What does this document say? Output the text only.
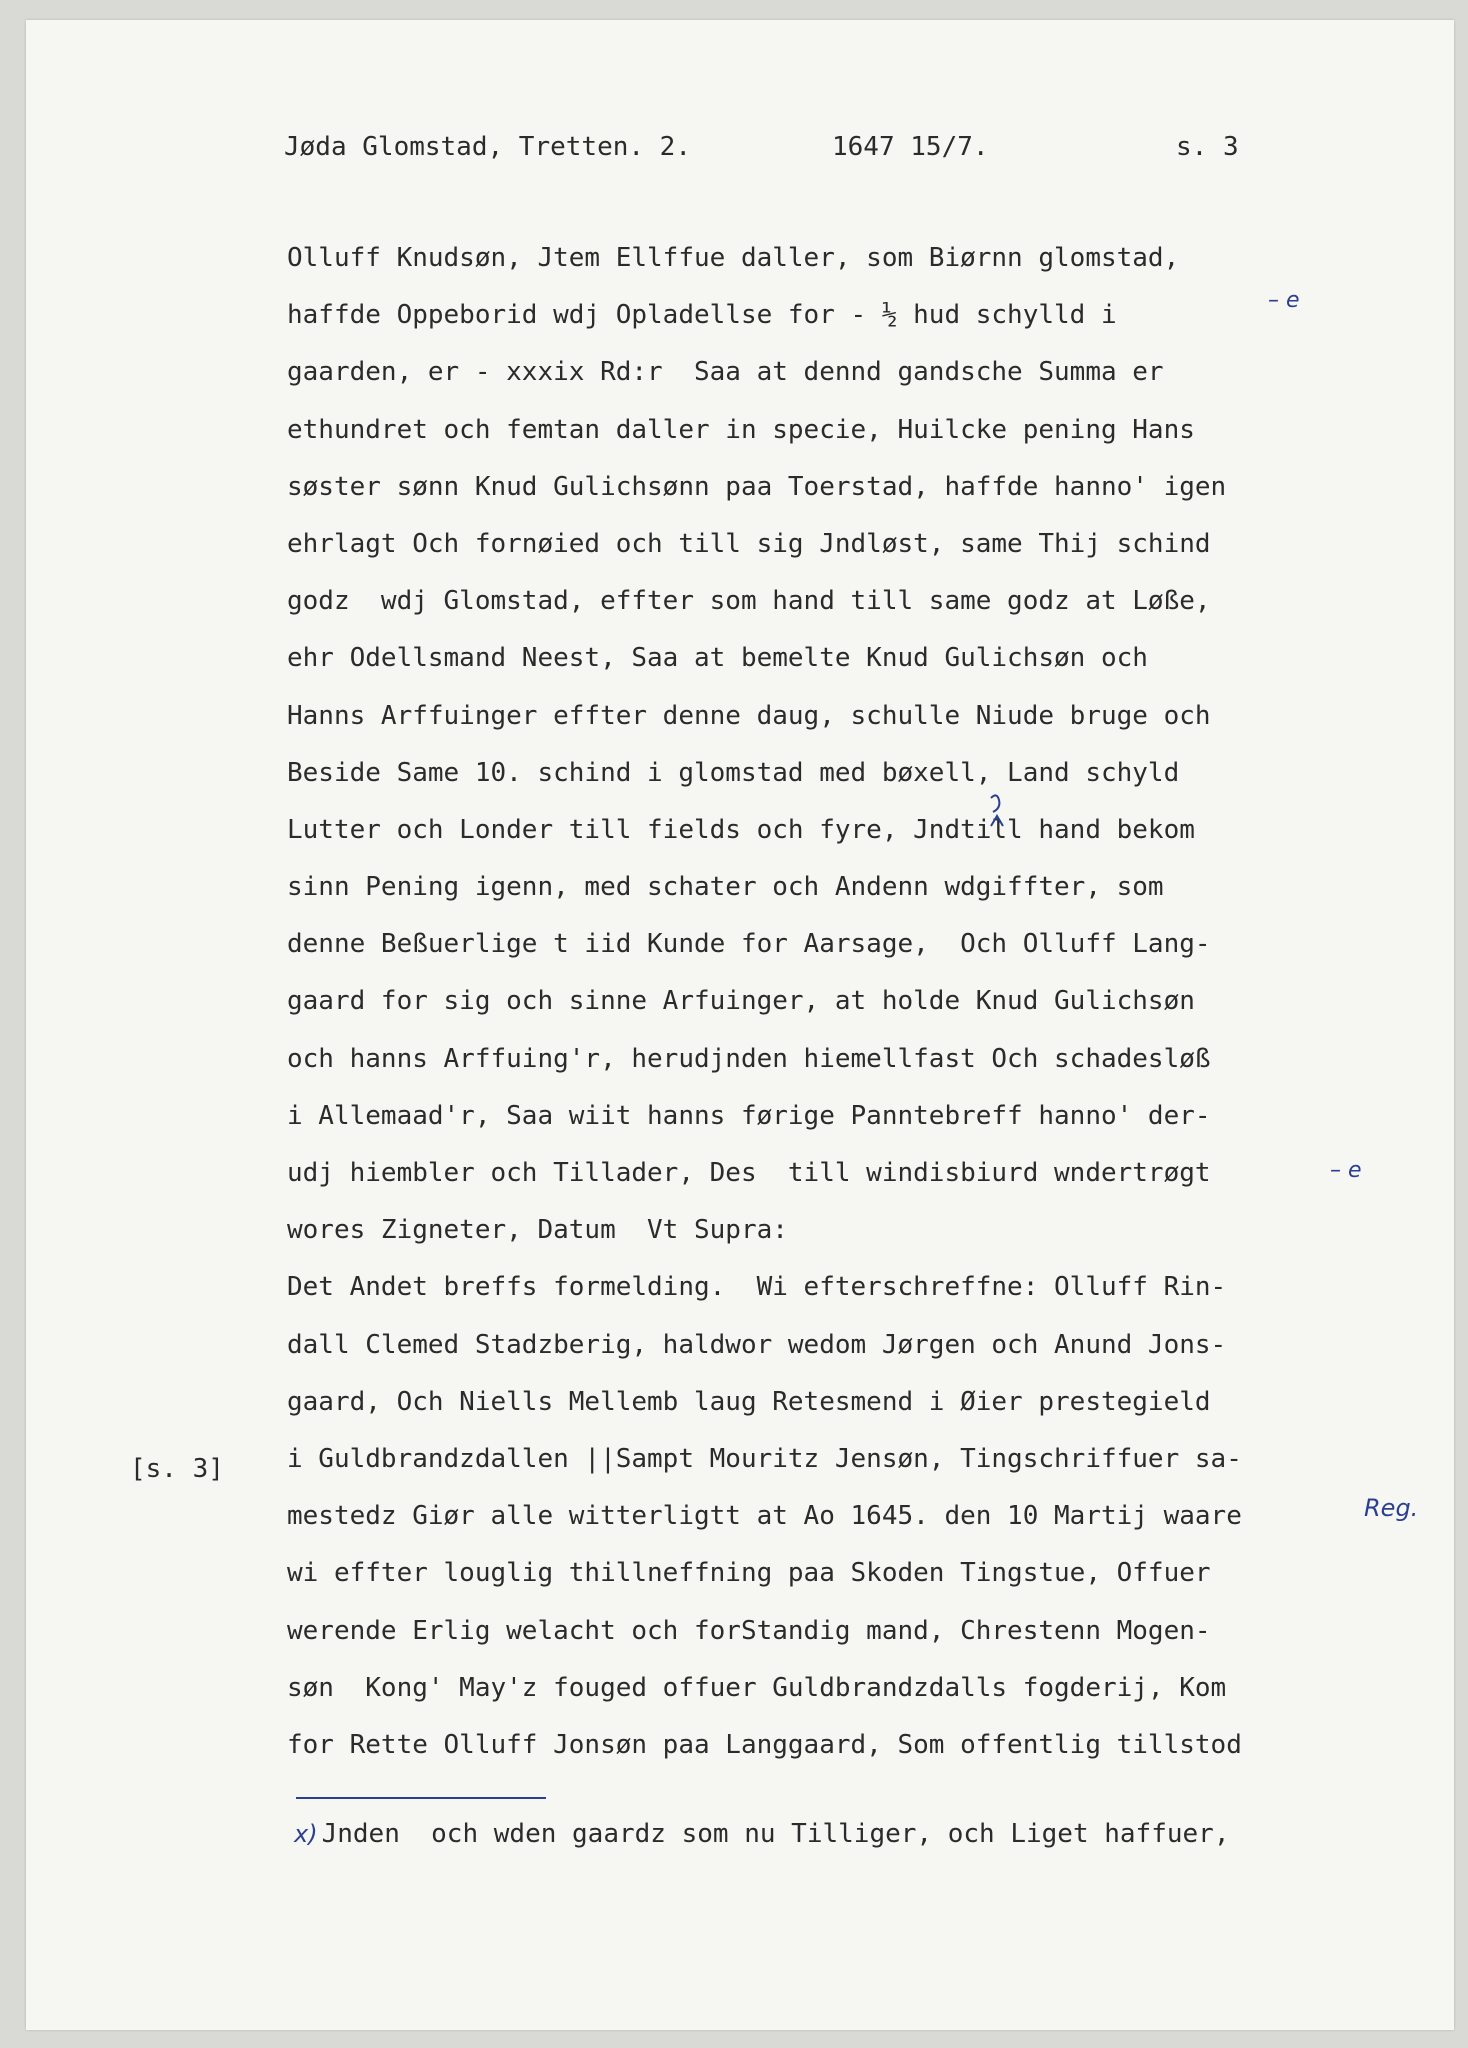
Jøda Glomstad, Tretten. 2.	1647 15/7.	s. 3
Olluff Knudsøn, Jtem Ellffue daller, som Biørnn glomstad,
haffde Oppeborid wdj Opladellse for - ½ hud schylld i
gaarden, er - xxxix Rd:r  Saa at dennd gandsche Summa er
ethundret och femtan daller in specie, Huilcke pening Hans
søster sønn Knud Gulichsønn paa Toerstad, haffde hanno' igen
ehrlagt Och fornøied och till sig Jndløst, same Thij schind
godz  wdj Glomstad, effter som hand till same godz at Løße,
ehr Odellsmand Neest, Saa at bemelte Knud Gulichsøn och
Hanns Arffuinger effter denne daug, schulle Niude bruge och
Beside Same 10. schind i glomstad med bøxell, Land schyld
Lutter och Londer till fields och fyre, Jndtill hand bekom
sinn Pening igenn, med schater och Andenn wdgiffter, som
denne Beßuerlige t iid Kunde for Aarsage,  Och Olluff Lang-
gaard for sig och sinne Arfuinger, at holde Knud Gulichsøn
och hanns Arffuing'r, herudjnden hiemellfast Och schadesløß
i Allemaad'r, Saa wiit hanns førige Panntebreff hanno' der-
udj hiembler och Tillader, Des  till windisbiurd wndertrøgt
wores Zigneter, Datum  Vt Supra:
Det Andet breffs formelding.  Wi efterschreffne: Olluff Rin-
dall Clemed Stadzberig, haldwor wedom Jørgen och Anund Jons-
gaard, Och Niells Mellemb laug Retesmend i Øier prestegield
i Guldbrandzdallen ||Sampt Mouritz Jensøn, Tingschriffuer sa-
mestedz Giør alle witterligtt at Ao 1645. den 10 Martij waare
wi effter louglig thillneffning paa Skoden Tingstue, Offuer
werende Erlig welacht och forStandig mand, Chrestenn Mogen-
søn  Kong' May'z fouged offuer Guldbrandzdalls fogderij, Kom
for Rette Olluff Jonsøn paa Langgaard, Som offentlig tillstod
[s. 3]
x) Jnden  och wden gaardz som nu Tilliger, och Liget haffuer,
– e
– e
Reg.
